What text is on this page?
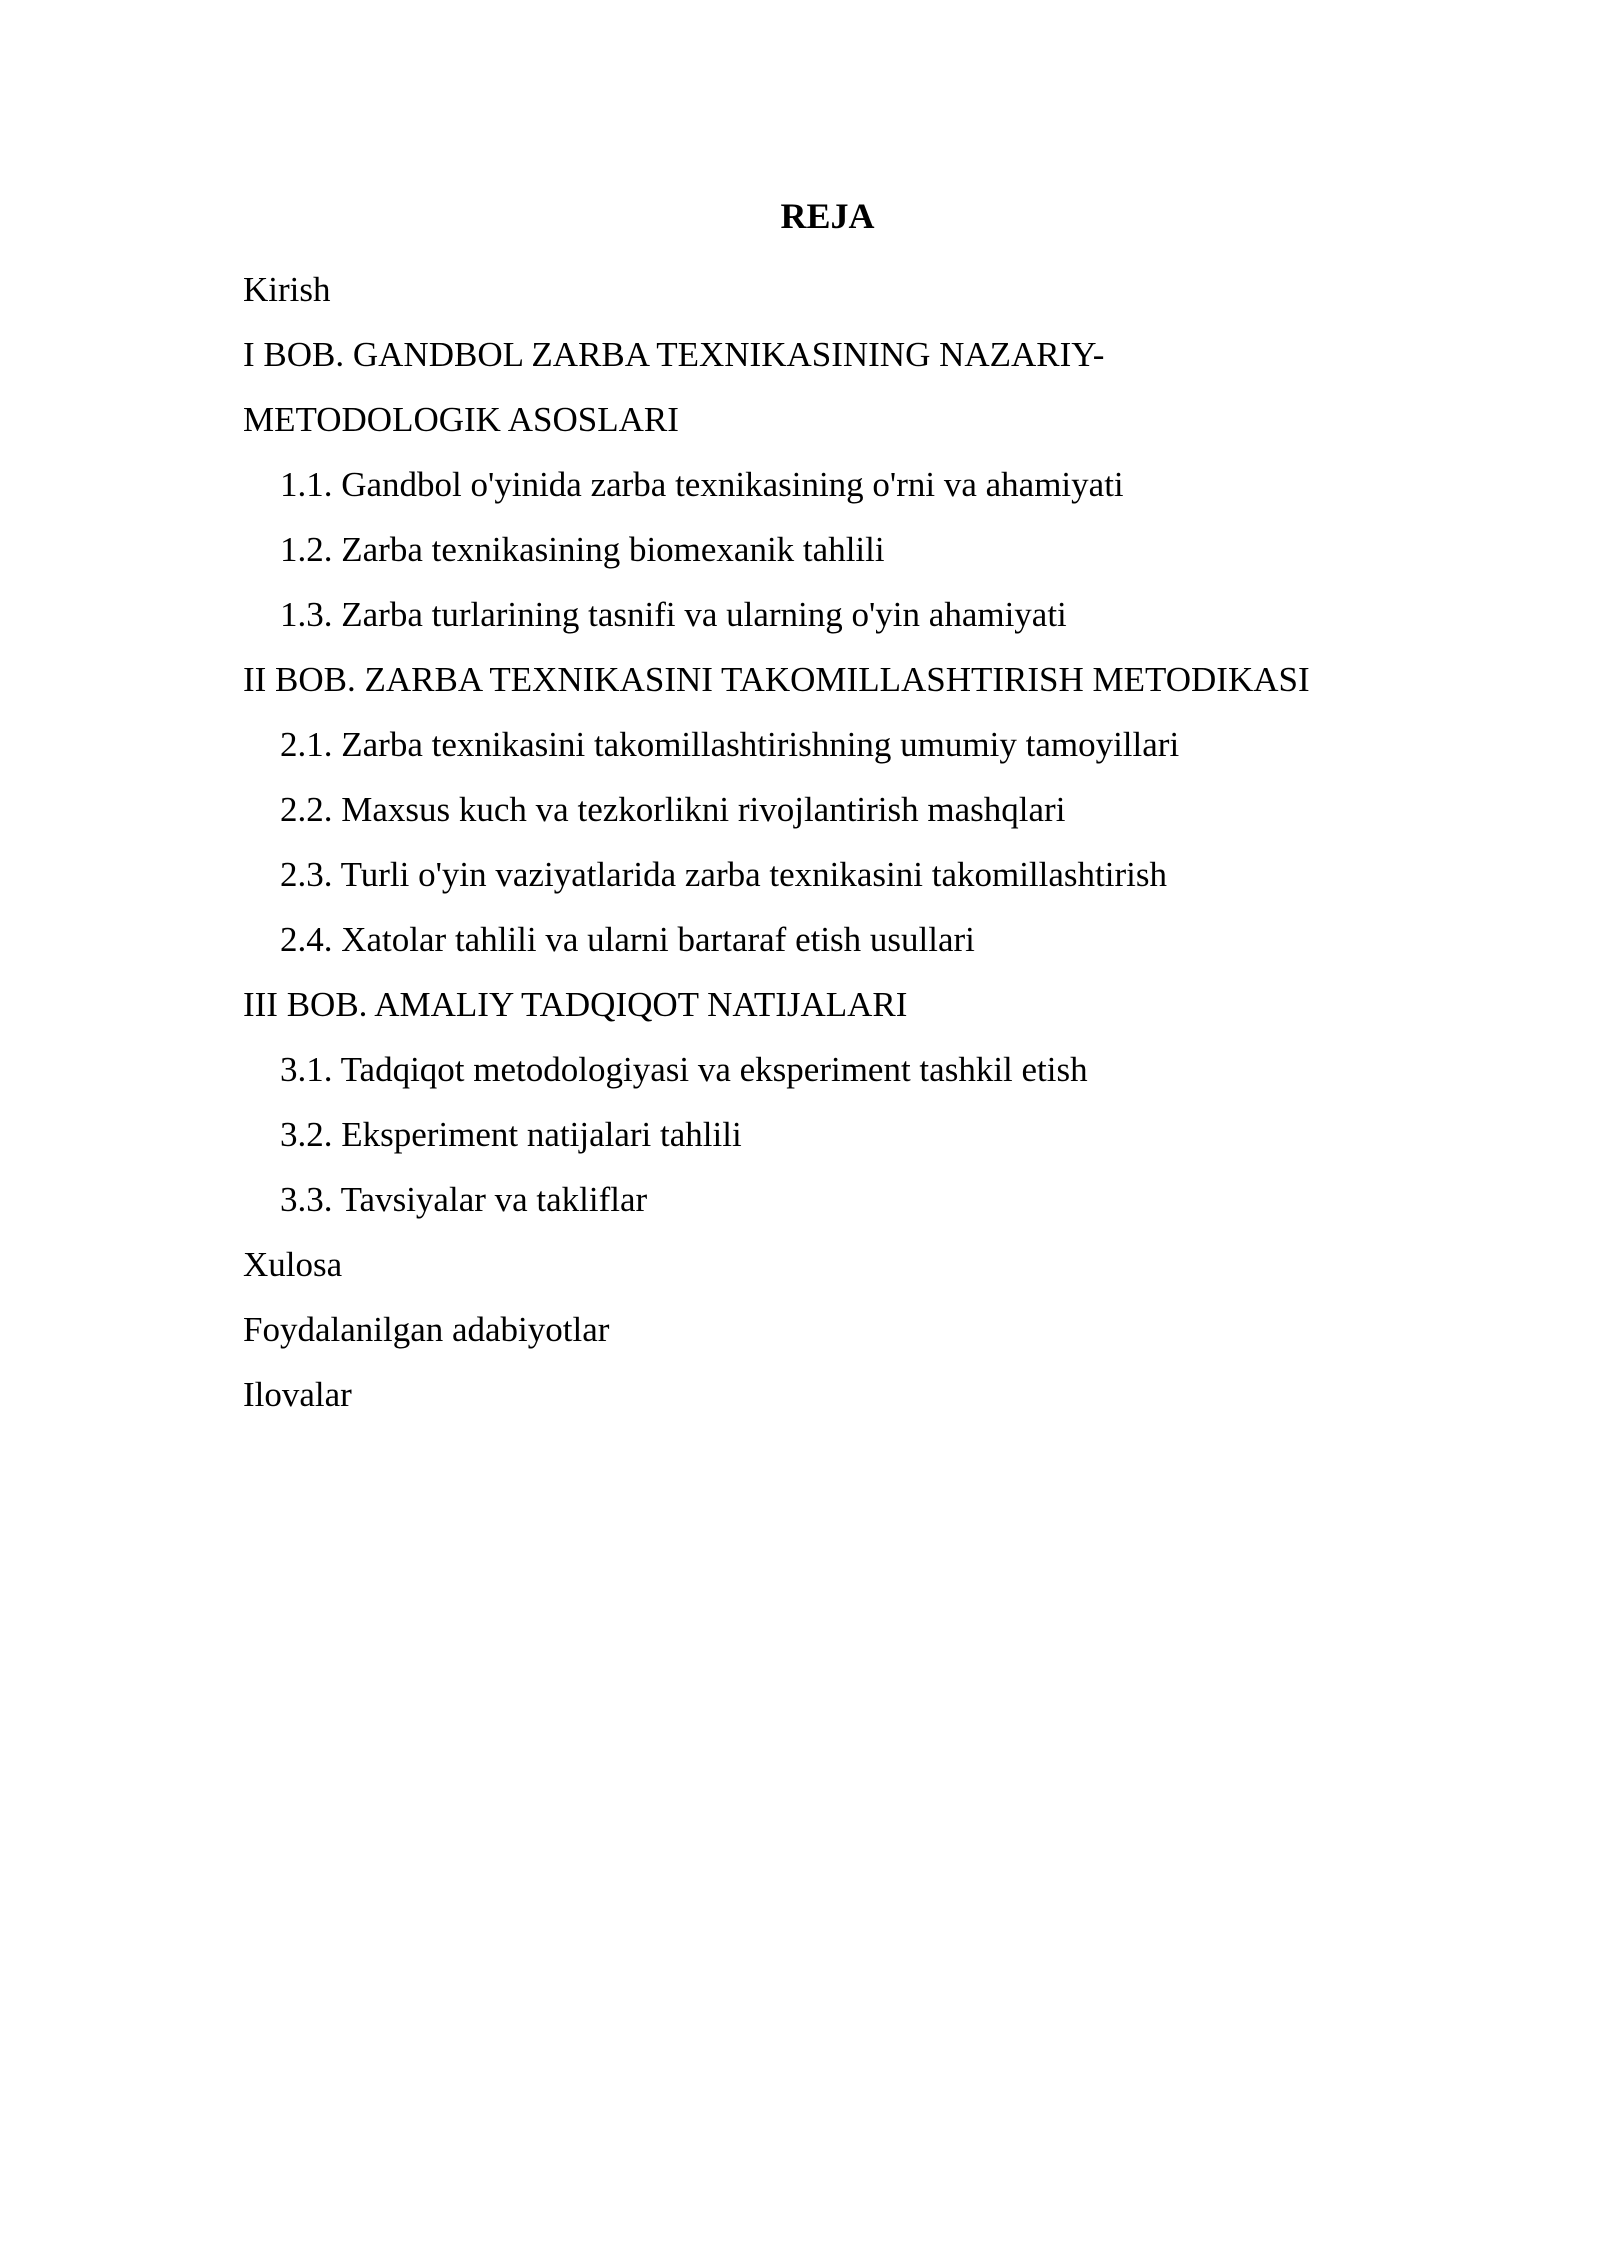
REJA
Kirish
I BOB. GANDBOL ZARBA TEXNIKASINING NAZARIY-
METODOLOGIK ASOSLARI
1.1. Gandbol o'yinida zarba texnikasining o'rni va ahamiyati
1.2. Zarba texnikasining biomexanik tahlili
1.3. Zarba turlarining tasnifi va ularning o'yin ahamiyati
II BOB. ZARBA TEXNIKASINI TAKOMILLASHTIRISH METODIKASI
2.1. Zarba texnikasini takomillashtirishning umumiy tamoyillari
2.2. Maxsus kuch va tezkorlikni rivojlantirish mashqlari
2.3. Turli o'yin vaziyatlarida zarba texnikasini takomillashtirish
2.4. Xatolar tahlili va ularni bartaraf etish usullari
III BOB. AMALIY TADQIQOT NATIJALARI
3.1. Tadqiqot metodologiyasi va eksperiment tashkil etish
3.2. Eksperiment natijalari tahlili
3.3. Tavsiyalar va takliflar
Xulosa
Foydalanilgan adabiyotlar
Ilovalar
